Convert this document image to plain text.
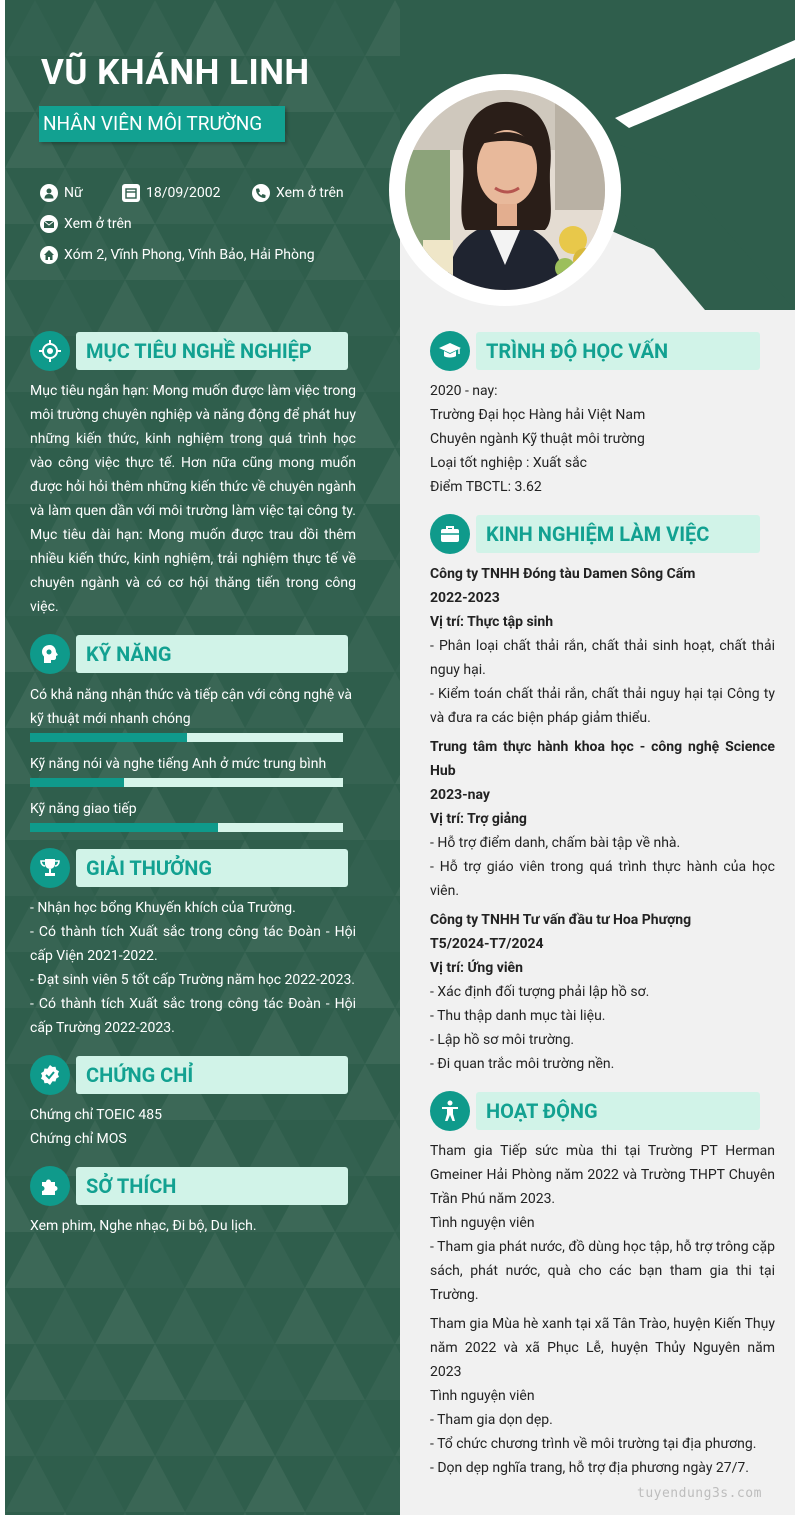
VŨ KHÁNH LINH
NHÂN VIÊN MÔI TRƯỜNG
Nữ	18/09/2002	Xem ở trên
Xem ở trên
Xóm 2, Vĩnh Phong, Vĩnh Bảo, Hải Phòng
MỤC TIÊU NGHỀ NGHIỆP
Mục tiêu ngắn hạn: Mong muốn được làm việc trong môi trường chuyên nghiệp và năng động để phát huy những kiến thức, kinh nghiệm trong quá trình học vào công việc thực tế. Hơn nữa cũng mong muốn được hỏi hỏi thêm những kiến thức về chuyên ngành và làm quen dần với môi trường làm việc tại công ty. Mục tiêu dài hạn: Mong muốn được trau dồi thêm nhiều kiến thức, kinh nghiệm, trải nghiệm thực tế về chuyên ngành và có cơ hội thăng tiến trong công việc.
KỸ NĂNG
Có khả năng nhận thức và tiếp cận với công nghệ và kỹ thuật mới nhanh chóng
Kỹ năng nói và nghe tiếng Anh ở mức trung bình
Kỹ năng giao tiếp
GIẢI THƯỞNG

- Nhận học bổng Khuyến khích của Trường.

- Có thành tích Xuất sắc trong công tác Đoàn - Hội cấp Viện 2021-2022.

- Đạt sinh viên 5 tốt cấp Trường năm học 2022-2023.

- Có thành tích Xuất sắc trong công tác Đoàn - Hội cấp Trường 2022-2023.

CHỨNG CHỈ

Chứng chỉ TOEIC 485

Chứng chỉ MOS

SỞ THÍCH
Xem phim, Nghe nhạc, Đi bộ, Du lịch.
TRÌNH ĐỘ HỌC VẤN

2020 - nay:

Trường Đại học Hàng hải Việt Nam

Chuyên ngành Kỹ thuật môi trường

Loại tốt nghiệp : Xuất sắc

Điểm TBCTL: 3.62

KINH NGHIỆM LÀM VIỆC

Công ty TNHH Đóng tàu Damen Sông Cấm

2022-2023

Vị trí: Thực tập sinh

- Phân loại chất thải rắn, chất thải sinh hoạt, chất thải nguy hại.

- Kiểm toán chất thải rắn, chất thải nguy hại tại Công ty và đưa ra các biện pháp giảm thiểu.

Trung tâm thực hành khoa học - công nghệ Science Hub

2023-nay

Vị trí: Trợ giảng

- Hỗ trợ điểm danh, chấm bài tập về nhà.

- Hỗ trợ giáo viên trong quá trình thực hành của học viên.

Công ty TNHH Tư vấn đầu tư Hoa Phượng

T5/2024-T7/2024

Vị trí: Ứng viên

- Xác định đối tượng phải lập hồ sơ.

- Thu thập danh mục tài liệu.

- Lập hồ sơ môi trường.

- Đi quan trắc môi trường nền.

HOẠT ĐỘNG

Tham gia Tiếp sức mùa thi tại Trường PT Herman Gmeiner Hải Phòng năm 2022 và Trường THPT Chuyên Trần Phú năm 2023.

Tình nguyện viên

- Tham gia phát nước, đồ dùng học tập, hỗ trợ trông cặp sách, phát nước, quà cho các bạn tham gia thi tại Trường.

Tham gia Mùa hè xanh tại xã Tân Trào, huyện Kiến Thụy năm 2022 và xã Phục Lễ, huyện Thủy Nguyên năm 2023

Tình nguyện viên

- Tham gia dọn dẹp.

- Tổ chức chương trình về môi trường tại địa phương.

- Dọn dẹp nghĩa trang, hỗ trợ địa phương ngày 27/7.

tuyendung3s.com
